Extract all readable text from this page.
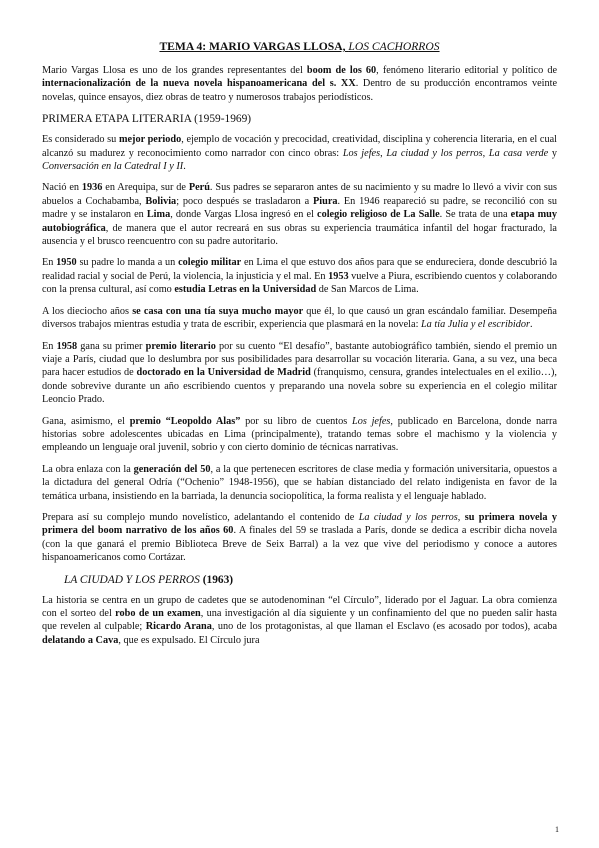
TEMA 4: MARIO VARGAS LLOSA, LOS CACHORROS

Mario Vargas Llosa es uno de los grandes representantes del boom de los 60, fenómeno literario editorial y político de internacionalización de la nueva novela hispanoamericana del s. XX. Dentro de su producción encontramos veinte novelas, quince ensayos, diez obras de teatro y numerosos trabajos periodísticos.

PRIMERA ETAPA LITERARIA (1959-1969)

Es considerado su mejor periodo, ejemplo de vocación y precocidad, creatividad, disciplina y coherencia literaria, en el cual alcanzó su madurez y reconocimiento como narrador con cinco obras: Los jefes, La ciudad y los perros, La casa verde y Conversación en la Catedral I y II.

Nació en 1936 en Arequipa, sur de Perú. Sus padres se separaron antes de su nacimiento y su madre lo llevó a vivir con sus abuelos a Cochabamba, Bolivia; poco después se trasladaron a Piura. En 1946 reapareció su padre, se reconcilió con su madre y se instalaron en Lima, donde Vargas Llosa ingresó en el colegio religioso de La Salle. Se trata de una etapa muy autobiográfica, de manera que el autor recreará en sus obras su experiencia traumática infantil del hogar fracturado, la ausencia y el brusco reencuentro con su padre autoritario.

En 1950 su padre lo manda a un colegio militar en Lima el que estuvo dos años para que se endureciera, donde descubrió la realidad racial y social de Perú, la violencia, la injusticia y el mal. En 1953 vuelve a Piura, escribiendo cuentos y colaborando con la prensa cultural, así como estudia Letras en la Universidad de San Marcos de Lima.

A los dieciocho años se casa con una tía suya mucho mayor que él, lo que causó un gran escándalo familiar. Desempeña diversos trabajos mientras estudia y trata de escribir, experiencia que plasmará en la novela: La tía Julia y el escribidor.

En 1958 gana su primer premio literario por su cuento “El desafío”, bastante autobiográfico también, siendo el premio un viaje a París, ciudad que lo deslumbra por sus posibilidades para desarrollar su vocación literaria. Gana, a su vez, una beca para hacer estudios de doctorado en la Universidad de Madrid (franquismo, censura, grandes intelectuales en el exilio…), donde sobrevive durante un año escribiendo cuentos y preparando una novela sobre su experiencia en el colegio militar Leoncio Prado.

Gana, asimismo, el premio “Leopoldo Alas” por su libro de cuentos Los jefes, publicado en Barcelona, donde narra historias sobre adolescentes ubicadas en Lima (principalmente), tratando temas sobre el machismo y la violencia y empleando un lenguaje oral juvenil, sobrio y con cierto dominio de técnicas narrativas.

La obra enlaza con la generación del 50, a la que pertenecen escritores de clase media y formación universitaria, opuestos a la dictadura del general Odría (“Ochenio” 1948-1956), que se habían distanciado del relato indigenista en favor de la temática urbana, insistiendo en la barriada, la denuncia sociopolítica, la forma realista y el lenguaje hablado.

Prepara así su complejo mundo novelístico, adelantando el contenido de La ciudad y los perros, su primera novela y primera del boom narrativo de los años 60. A finales del 59 se traslada a París, donde se dedica a escribir dicha novela (con la que ganará el premio Biblioteca Breve de Seix Barral) a la vez que vive del periodismo y conoce a autores hispanoamericanos como Cortázar.

LA CIUDAD Y LOS PERROS (1963)

La historia se centra en un grupo de cadetes que se autodenominan “el Círculo”, liderado por el Jaguar. La obra comienza con el sorteo del robo de un examen, una investigación al día siguiente y un confinamiento del que no pueden salir hasta que revelen al culpable; Ricardo Arana, uno de los protagonistas, al que llaman el Esclavo (es acosado por todos), acaba delatando a Cava, que es expulsado. El Círculo jura

1
